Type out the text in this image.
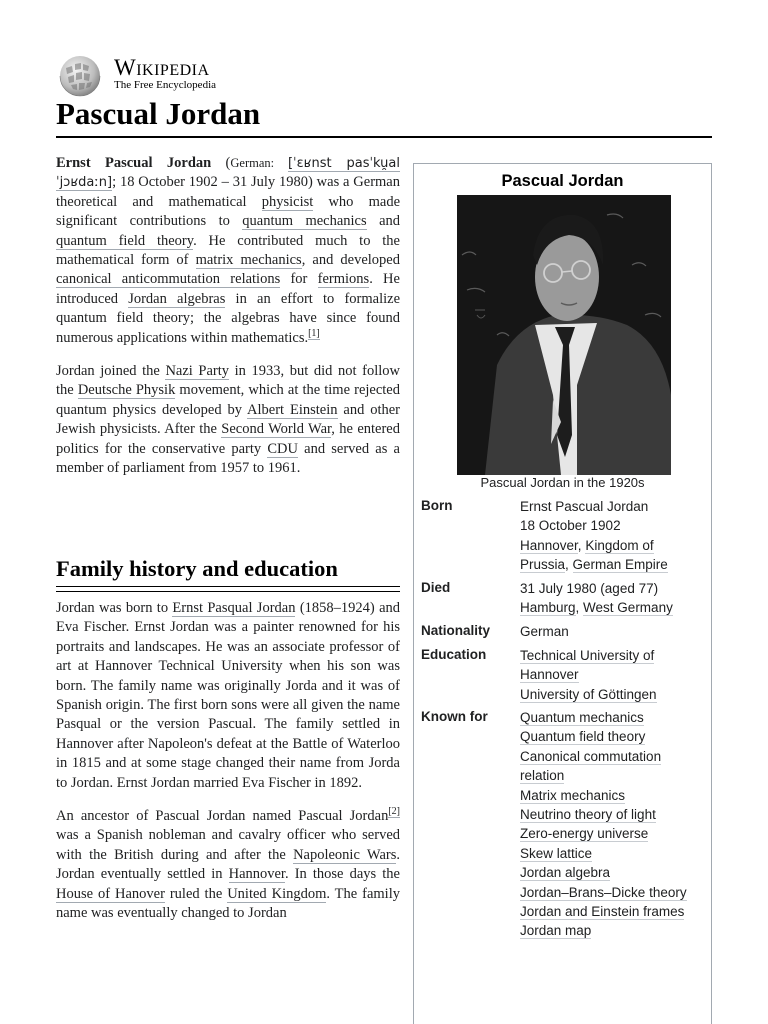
Wikipedia
The Free Encyclopedia
Pascual Jordan

Ernst Pascual Jordan (German: [ˈɛʁnst pasˈku̯al ˈjɔʁdaːn]; 18 October 1902 – 31 July 1980) was a German theoretical and mathematical physicist who made significant contributions to quantum mechanics and quantum field theory. He contributed much to the mathematical form of matrix mechanics, and developed canonical anticommutation relations for fermions. He introduced Jordan algebras in an effort to formalize quantum field theory; the algebras have since found numerous applications within mathematics.[1]

Jordan joined the Nazi Party in 1933, but did not follow the Deutsche Physik movement, which at the time rejected quantum physics developed by Albert Einstein and other Jewish physicists. After the Second World War, he entered politics for the conservative party CDU and served as a member of parliament from 1957 to 1961.

Family history and education

Jordan was born to Ernst Pasqual Jordan (1858–1924) and Eva Fischer. Ernst Jordan was a painter renowned for his portraits and landscapes. He was an associate professor of art at Hannover Technical University when his son was born. The family name was originally Jorda and it was of Spanish origin. The first born sons were all given the name Pasqual or the version Pascual. The family settled in Hannover after Napoleon's defeat at the Battle of Waterloo in 1815 and at some stage changed their name from Jorda to Jordan. Ernst Jordan married Eva Fischer in 1892.

An ancestor of Pascual Jordan named Pascual Jordan[2] was a Spanish nobleman and cavalry officer who served with the British during and after the Napoleonic Wars. Jordan eventually settled in Hannover. In those days the House of Hanover ruled the United Kingdom. The family name was eventually changed to Jordan

Pascual Jordan
Pascual Jordan in the 1920s
Born	Ernst Pascual Jordan
18 October 1902
Hannover, Kingdom of
Prussia, German Empire
Died	31 July 1980 (aged 77)
Hamburg, West Germany
Nationality German
Education Technical University of
Hannover
University of Göttingen
Known for Quantum mechanics
Quantum field theory
Canonical commutation
relation
Matrix mechanics
Neutrino theory of light
Zero-energy universe
Skew lattice
Jordan algebra
Jordan–Brans–Dicke theory
Jordan and Einstein frames
Jordan map
